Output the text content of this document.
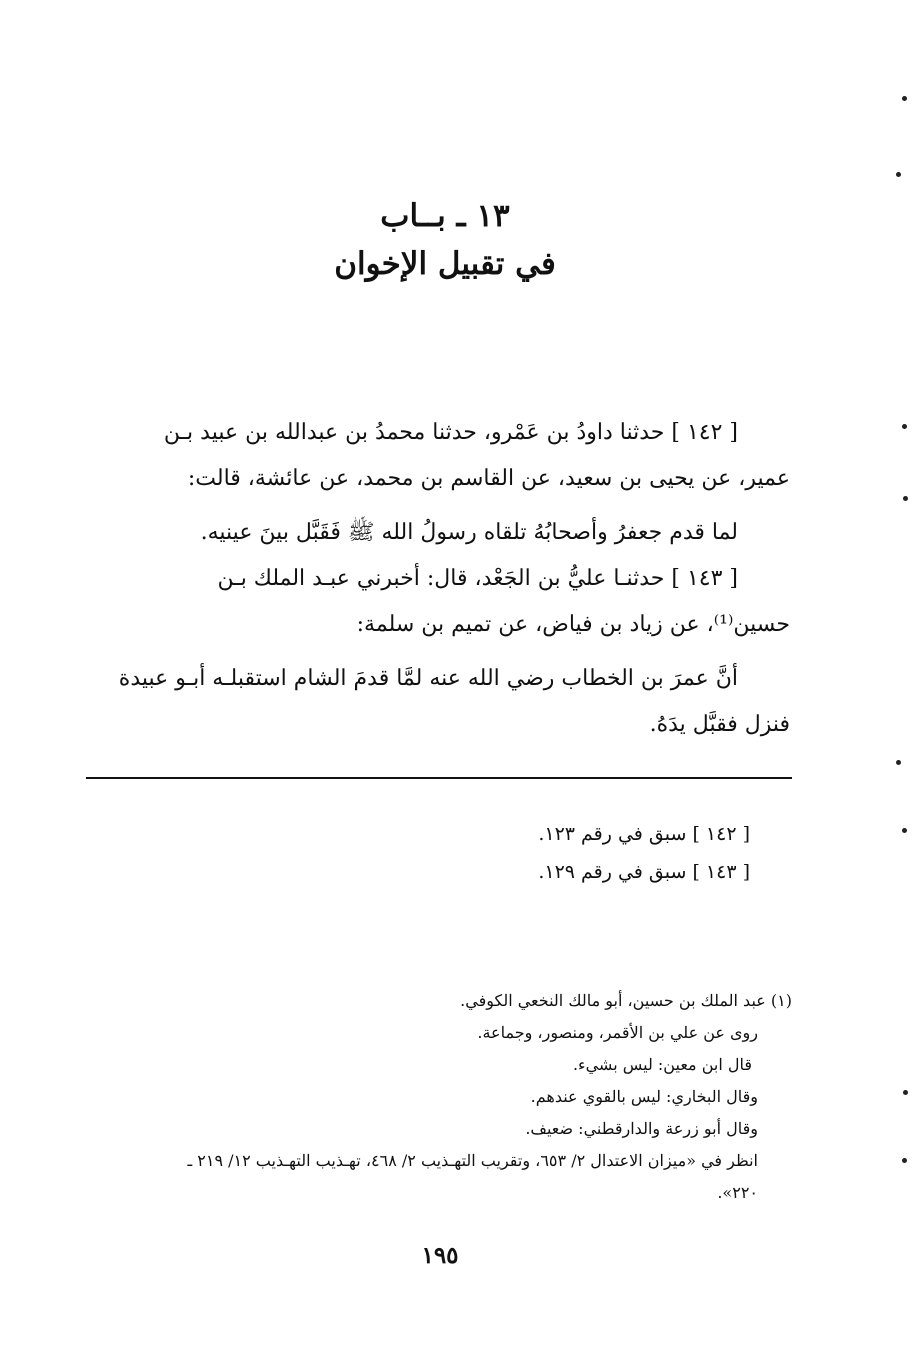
١٣ ـ بــاب
في تقبيل الإخوان

[ ١٤٢ ] حدثنا داودُ بن عَمْرو، حدثنا محمدُ بن عبدالله بن عبيد بـن

عمير، عن يحيى بن سعيد، عن القاسم بن محمد، عن عائشة، قالت:

لما قدم جعفرُ وأصحابُهُ تلقاه رسولُ الله ﷺ فَقَبَّل بينَ عينيه.

[ ١٤٣ ] حدثنـا عليُّ بن الجَعْد، قال: أخبرني عبـد الملك بـن

حسين⁽¹⁾، عن زياد بن فياض، عن تميم بن سلمة:

أنَّ عمرَ بن الخطاب رضي الله عنه لمَّا قدمَ الشام استقبلـه أبـو عبيدة

فنزل فقبَّل يدَهُ.

[ ١٤٢ ] سبق في رقم ١٢٣.
[ ١٤٣ ] سبق في رقم ١٢٩.
(١) عبد الملك بن حسين، أبو مالك النخعي الكوفي.
روى عن علي بن الأقمر، ومنصور، وجماعة.
قال ابن معين: ليس بشيء.
وقال البخاري: ليس بالقوي عندهم.
وقال أبو زرعة والدارقطني: ضعيف.
انظر في «ميزان الاعتدال ٢/ ٦٥٣، وتقريب التهـذيب ٢/ ٤٦٨، تهـذيب التهـذيب ١٢/ ٢١٩ ـ
٢٢٠».
١٩٥
